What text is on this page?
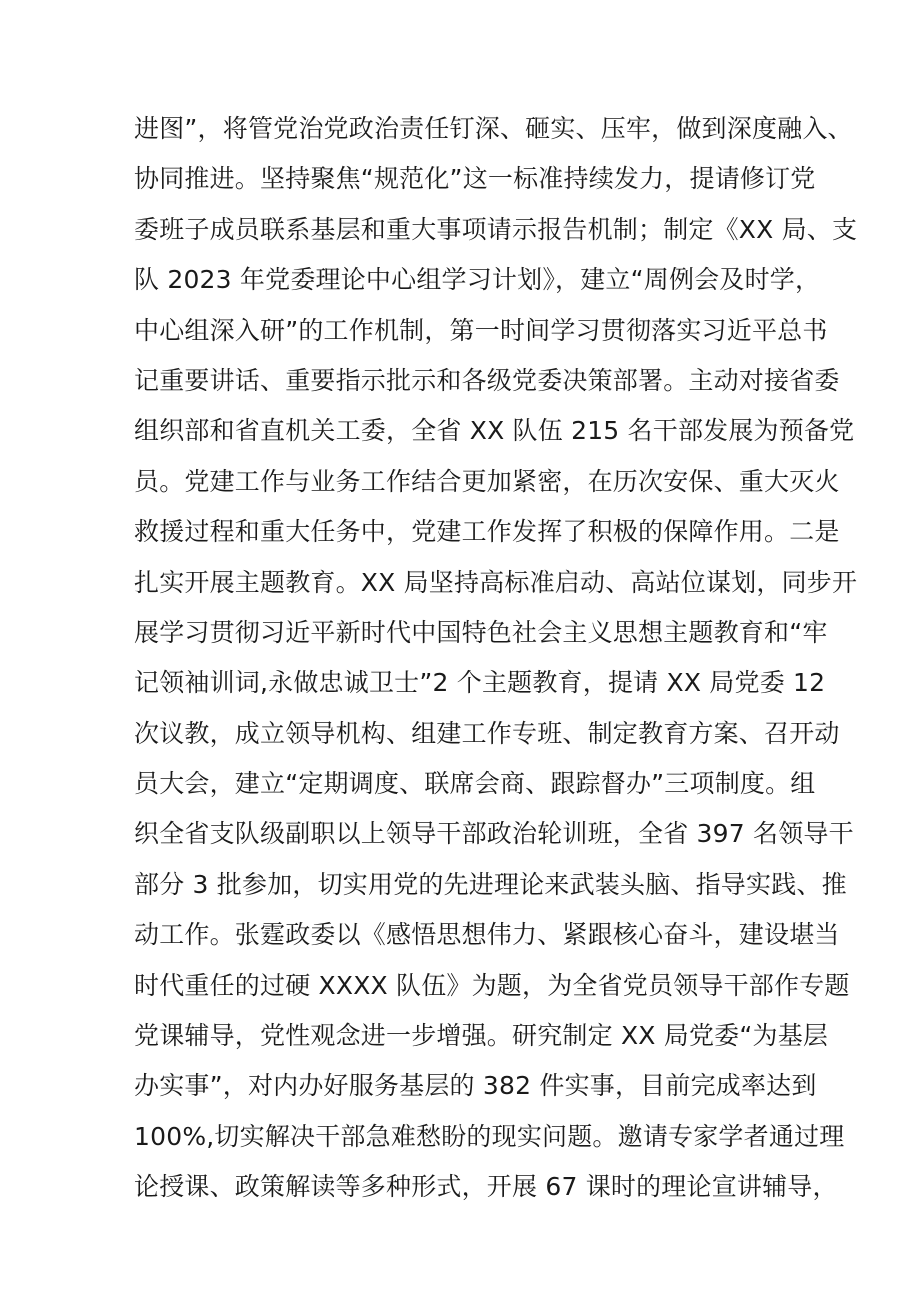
进图”，将管党治党政治责任钉深、砸实、压牢，做到深度融入、
协同推进。坚持聚焦“规范化”这一标准持续发力，提请修订党
委班子成员联系基层和重大事项请示报告机制；制定《XX 局、支
队 2023 年党委理论中心组学习计划》，建立“周例会及时学，
中心组深入研”的工作机制，第一时间学习贯彻落实习近平总书
记重要讲话、重要指示批示和各级党委决策部署。主动对接省委
组织部和省直机关工委，全省 XX 队伍 215 名干部发展为预备党
员。党建工作与业务工作结合更加紧密，在历次安保、重大灭火
救援过程和重大任务中，党建工作发挥了积极的保障作用。二是
扎实开展主题教育。XX 局坚持高标准启动、高站位谋划，同步开
展学习贯彻习近平新时代中国特色社会主义思想主题教育和“牢
记领袖训词,永做忠诚卫士”2 个主题教育，提请 XX 局党委 12
次议教，成立领导机构、组建工作专班、制定教育方案、召开动
员大会，建立“定期调度、联席会商、跟踪督办”三项制度。组
织全省支队级副职以上领导干部政治轮训班，全省 397 名领导干
部分 3 批参加，切实用党的先进理论来武装头脑、指导实践、推
动工作。张霆政委以《感悟思想伟力、紧跟核心奋斗，建设堪当
时代重任的过硬 XXXX 队伍》为题，为全省党员领导干部作专题
党课辅导，党性观念进一步增强。研究制定 XX 局党委“为基层
办实事”，对内办好服务基层的 382 件实事，目前完成率达到
100%,切实解决干部急难愁盼的现实问题。邀请专家学者通过理
论授课、政策解读等多种形式，开展 67 课时的理论宣讲辅导，
